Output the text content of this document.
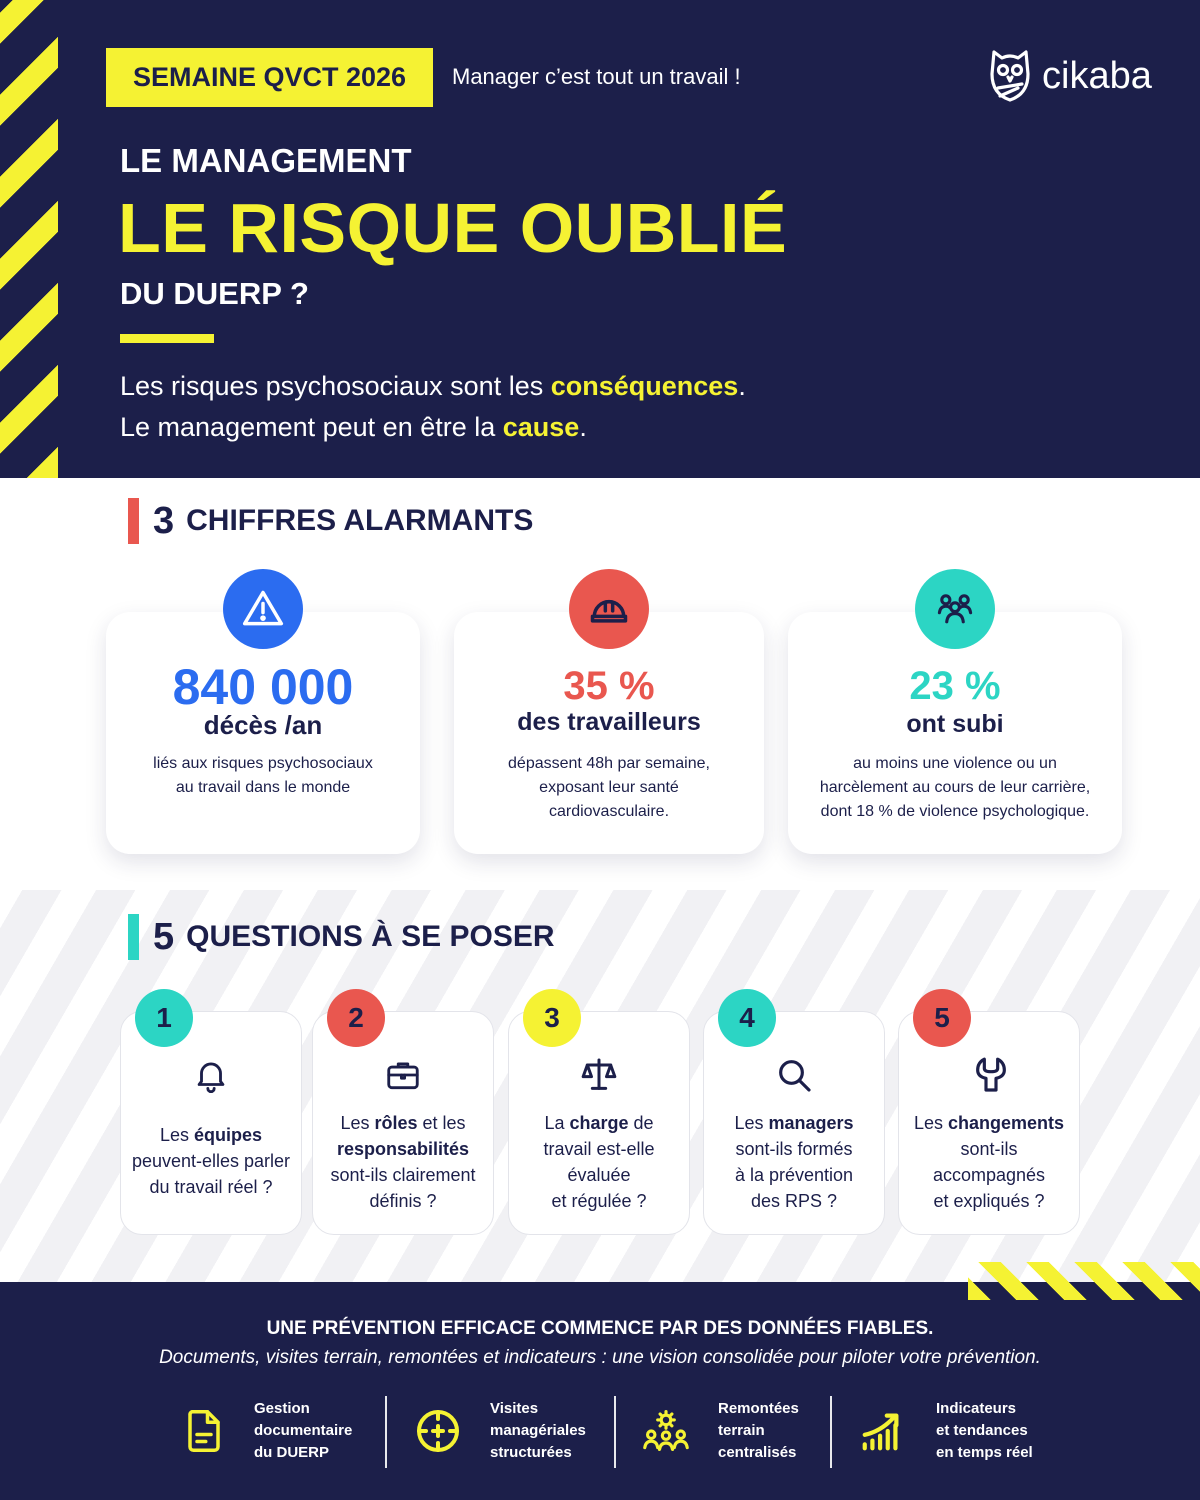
SEMAINE QVCT 2026	Manager c’est tout un travail !	cikaba
LE MANAGEMENT
LE RISQUE OUBLIÉ
DU DUERP ?
Les risques psychosociaux sont les conséquences.
Le management peut en être la cause.
3 CHIFFRES ALARMANTS
840 000
décès /an
liés aux risques psychosociaux
au travail dans le monde
35 %
des travailleurs
dépassent 48h par semaine,
exposant leur santé
cardiovasculaire.
23 %
ont subi
au moins une violence ou un
harcèlement au cours de leur carrière,
dont 18 % de violence psychologique.
5 QUESTIONS À SE POSER
1
Les équipes
peuvent-elles parler
du travail réel ?
2
Les rôles et les
responsabilités
sont-ils clairement
définis ?
3
La charge de
travail est-elle
évaluée
et régulée ?
4
Les managers
sont-ils formés
à la prévention
des RPS ?
5
Les changements
sont-ils
accompagnés
et expliqués ?
UNE PRÉVENTION EFFICACE COMMENCE PAR DES DONNÉES FIABLES.
Documents, visites terrain, remontées et indicateurs : une vision consolidée pour piloter votre prévention.
Gestion
documentaire
du DUERP
Visites
managériales
structurées
Remontées
terrain
centralisés
Indicateurs
et tendances
en temps réel
